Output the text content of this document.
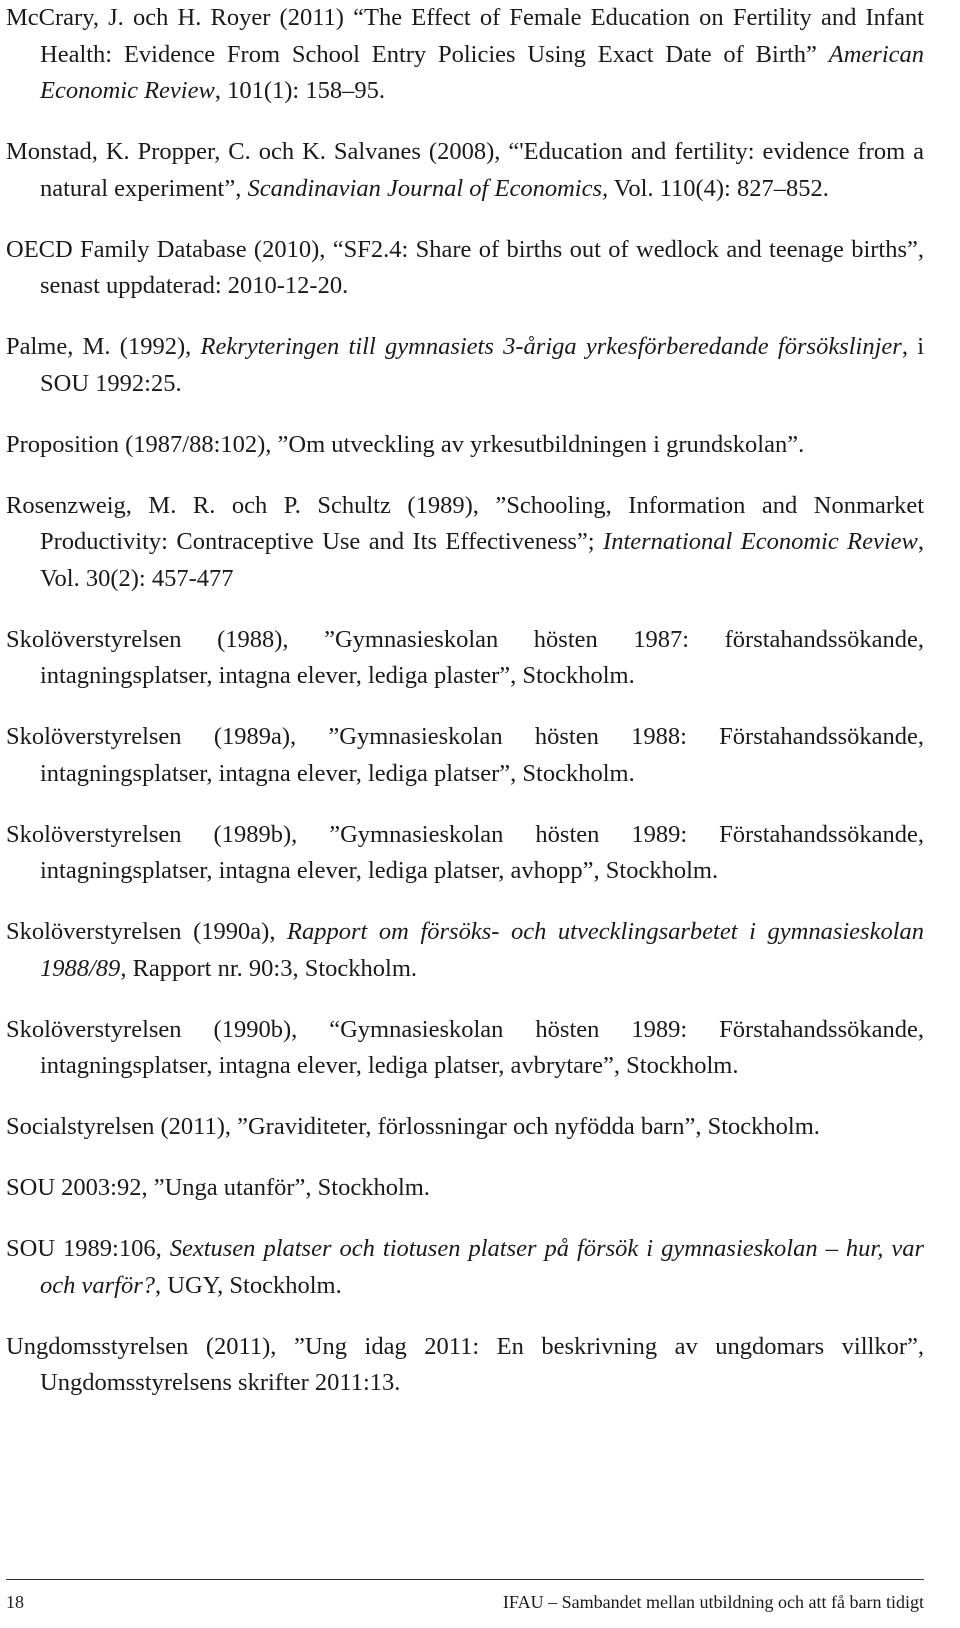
McCrary, J. och H. Royer (2011) “The Effect of Female Education on Fertility and Infant Health: Evidence From School Entry Policies Using Exact Date of Birth” American Economic Review, 101(1): 158–95.

Monstad, K. Propper, C. och K. Salvanes (2008), “'Education and fertility: evidence from a natural experiment”, Scandinavian Journal of Economics, Vol. 110(4): 827–852.

OECD Family Database (2010), “SF2.4: Share of births out of wedlock and teenage births”, senast uppdaterad: 2010-12-20.

Palme, M. (1992), Rekryteringen till gymnasiets 3-åriga yrkesförberedande försökslinjer, i SOU 1992:25.

Proposition (1987/88:102), ”Om utveckling av yrkesutbildningen i grundskolan”.

Rosenzweig, M. R. och P. Schultz (1989), ”Schooling, Information and Nonmarket Productivity: Contraceptive Use and Its Effectiveness”; International Economic Review, Vol. 30(2): 457-477

Skolöverstyrelsen (1988), ”Gymnasieskolan hösten 1987: förstahandssökande, intagningsplatser, intagna elever, lediga plaster”, Stockholm.

Skolöverstyrelsen (1989a), ”Gymnasieskolan hösten 1988: Förstahandssökande, intagningsplatser, intagna elever, lediga platser”, Stockholm.

Skolöverstyrelsen (1989b), ”Gymnasieskolan hösten 1989: Förstahandssökande, intagningsplatser, intagna elever, lediga platser, avhopp”, Stockholm.

Skolöverstyrelsen (1990a), Rapport om försöks- och utvecklingsarbetet i gymnasieskolan 1988/89, Rapport nr. 90:3, Stockholm.

Skolöverstyrelsen (1990b), “Gymnasieskolan hösten 1989: Förstahandssökande, intagningsplatser, intagna elever, lediga platser, avbrytare”, Stockholm.

Socialstyrelsen (2011), ”Graviditeter, förlossningar och nyfödda barn”, Stockholm.

SOU 2003:92, ”Unga utanför”, Stockholm.

SOU 1989:106, Sextusen platser och tiotusen platser på försök i gymnasieskolan – hur, var och varför?, UGY, Stockholm.

Ungdomsstyrelsen (2011), ”Ung idag 2011: En beskrivning av ungdomars villkor”, Ungdomsstyrelsens skrifter 2011:13.

18	IFAU – Sambandet mellan utbildning och att få barn tidigt
